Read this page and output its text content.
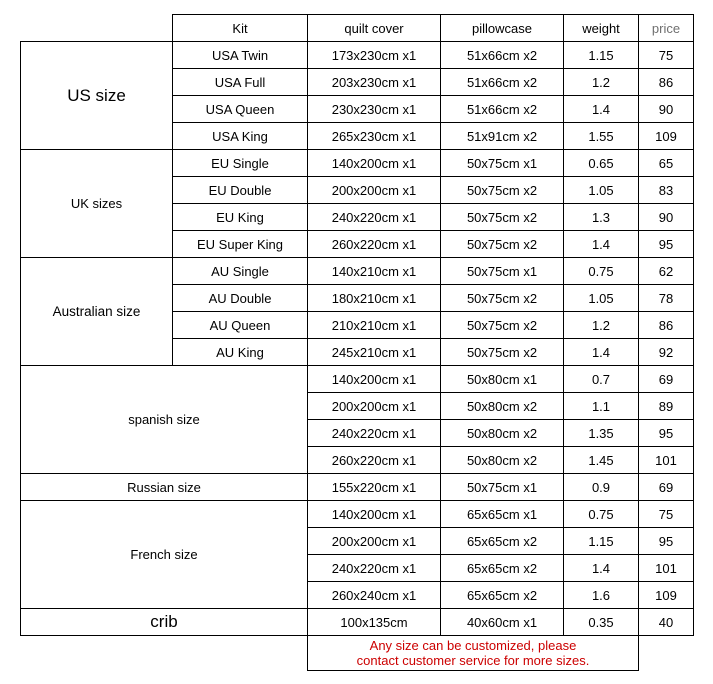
	Kit	quilt cover	pillowcase	weight	price
US size	USA Twin	173x230cm x1	51x66cm x2	1.15	75
	USA Full	203x230cm x1	51x66cm x2	1.2	86
	USA Queen	230x230cm x1	51x66cm x2	1.4	90
	USA King	265x230cm x1	51x91cm x2	1.55	109
UK sizes	EU Single	140x200cm x1	50x75cm x1	0.65	65
	EU Double	200x200cm x1	50x75cm x2	1.05	83
	EU King	240x220cm x1	50x75cm x2	1.3	90
	EU Super King	260x220cm x1	50x75cm x2	1.4	95
Australian size	AU Single	140x210cm x1	50x75cm x1	0.75	62
	AU Double	180x210cm x1	50x75cm x2	1.05	78
	AU Queen	210x210cm x1	50x75cm x2	1.2	86
	AU King	245x210cm x1	50x75cm x2	1.4	92
spanish size		140x200cm x1	50x80cm x1	0.7	69
		200x200cm x1	50x80cm x2	1.1	89
		240x220cm x1	50x80cm x2	1.35	95
		260x220cm x1	50x80cm x2	1.45	101
Russian size		155x220cm x1	50x75cm x1	0.9	69
French size		140x200cm x1	65x65cm x1	0.75	75
		200x200cm x1	65x65cm x2	1.15	95
		240x220cm x1	65x65cm x2	1.4	101
		260x240cm x1	65x65cm x2	1.6	109
crib		100x135cm	40x60cm x1	0.35	40

		Any size can be customized, please
contact customer service for more sizes.			
